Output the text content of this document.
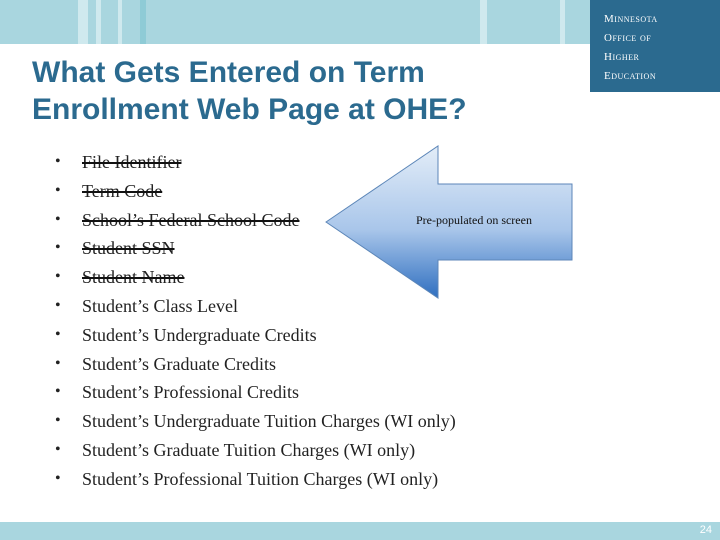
Minnesota
Office of
Higher
Education
What Gets Entered on Term Enrollment Web Page at OHE?
•	File Identifier
•	Term Code
•	School’s Federal School Code
•	Student SSN
•	Student Name
•	Student’s Class Level
•	Student’s Undergraduate Credits
•	Student’s Graduate Credits
•	Student’s Professional Credits
•	Student’s Undergraduate Tuition Charges (WI only)
•	Student’s Graduate Tuition Charges (WI only)
•	Student’s Professional Tuition Charges (WI only)
Pre-populated on screen
24
